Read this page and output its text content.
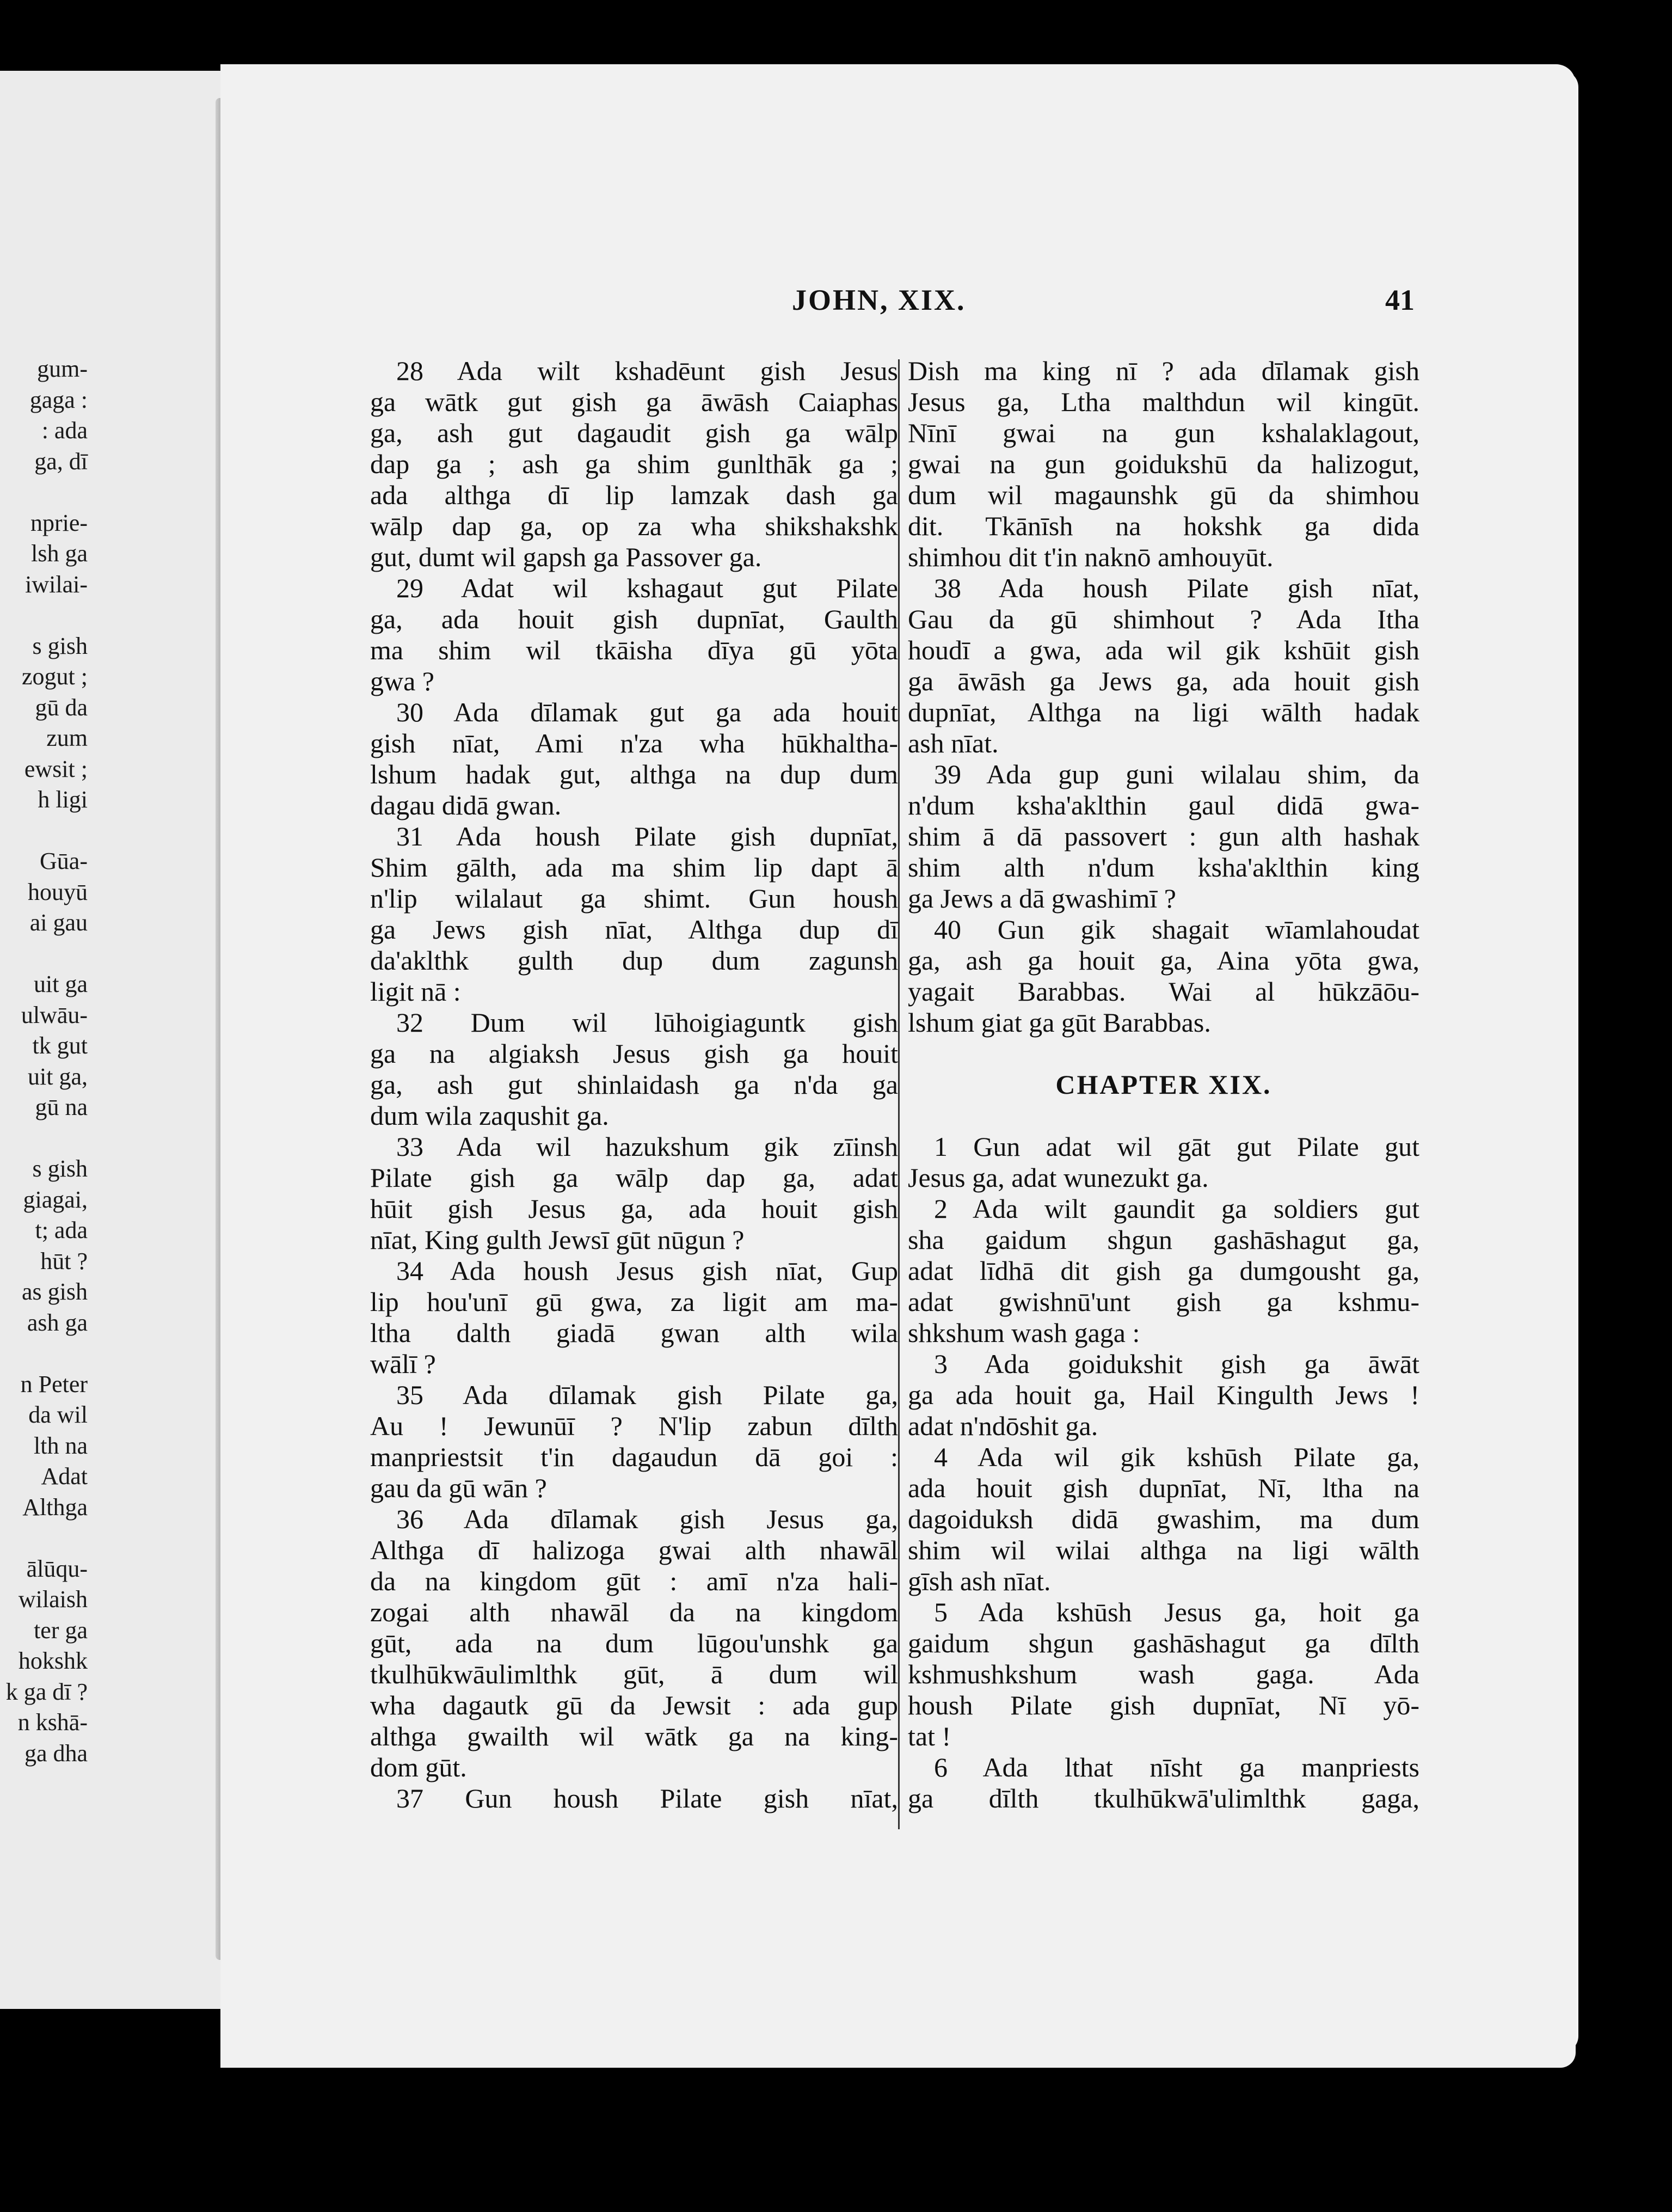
gum-
gaga :
: ada
ga, dī

nprie-
lsh ga
iwilai-

s gish
zogut ;
gū da
zum
ewsit ;
h ligi

Gūa-
houyū
ai gau

uit ga
ulwāu-
tk gut
uit ga,
gū na

s gish
giagai,
t; ada
hūt ?
as gish
ash ga

n Peter
da wil
lth na
Adat
Althga

ālūqu-
wilaish
ter ga
hokshk
k ga dī ?
n kshā-
ga dha
JOHN, XIX.	41
28 Ada wilt kshadēunt gish Jesus
ga wātk gut gish ga āwāsh Caiaphas
ga, ash gut dagaudit gish ga wālp
dap ga ; ash ga shim gunlthāk ga ;
ada althga dī lip lamzak dash ga
wālp dap ga, op za wha shikshakshk
gut, dumt wil gapsh ga Passover ga.
29 Adat wil kshagaut gut Pilate
ga, ada houit gish dupnīat, Gaulth
ma shim wil tkāisha dīya gū yōta
gwa ?
30 Ada dīlamak gut ga ada houit
gish nīat, Ami n'za wha hūkhaltha-
lshum hadak gut, althga na dup dum
dagau didā gwan.
31 Ada housh Pilate gish dupnīat,
Shim gālth, ada ma shim lip dapt ā
n'lip wilalaut ga shimt. Gun housh
ga Jews gish nīat, Althga dup dī
da'aklthk gulth dup dum zagunsh
ligit nā :
32 Dum wil lūhoigiaguntk gish
ga na algiaksh Jesus gish ga houit
ga, ash gut shinlaidash ga n'da ga
dum wila zaqushit ga.
33 Ada wil hazukshum gik zīinsh
Pilate gish ga wālp dap ga, adat
hūit gish Jesus ga, ada houit gish
nīat, King gulth Jewsī gūt nūgun ?
34 Ada housh Jesus gish nīat, Gup
lip hou'unī gū gwa, za ligit am ma-
ltha dalth giadā gwan alth wila
wālī ?
35 Ada dīlamak gish Pilate ga,
Au ! Jewunūī ? N'lip zabun dīlth
manpriestsit t'in dagaudun dā goi :
gau da gū wān ?
36 Ada dīlamak gish Jesus ga,
Althga dī halizoga gwai alth nhawāl
da na kingdom gūt : amī n'za hali-
zogai alth nhawāl da na kingdom
gūt, ada na dum lūgou'unshk ga
tkulhūkwāulimlthk gūt, ā dum wil
wha dagautk gū da Jewsit : ada gup
althga gwailth wil wātk ga na king-
dom gūt.
37 Gun housh Pilate gish nīat,
Dish ma king nī ? ada dīlamak gish
Jesus ga, Ltha malthdun wil kingūt.
Nīnī gwai na gun kshalaklagout,
gwai na gun goidukshū da halizogut,
dum wil magaunshk gū da shimhou
dit. Tkānīsh na hokshk ga dida
shimhou dit t'in naknō amhouyūt.
38 Ada housh Pilate gish nīat,
Gau da gū shimhout ? Ada Itha
houdī a gwa, ada wil gik kshūit gish
ga āwāsh ga Jews ga, ada houit gish
dupnīat, Althga na ligi wālth hadak
ash nīat.
39 Ada gup guni wilalau shim, da
n'dum ksha'aklthin gaul didā gwa-
shim ā dā passovert : gun alth hashak
shim alth n'dum ksha'aklthin king
ga Jews a dā gwashimī ?
40 Gun gik shagait wīamlahoudat
ga, ash ga houit ga, Aina yōta gwa,
yagait Barabbas. Wai al hūkzāōu-
lshum giat ga gūt Barabbas.
CHAPTER XIX.
1 Gun adat wil gāt gut Pilate gut
Jesus ga, adat wunezukt ga.
2 Ada wilt gaundit ga soldiers gut
sha gaidum shgun gashāshagut ga,
adat līdhā dit gish ga dumgousht ga,
adat gwishnū'unt gish ga kshmu-
shkshum wash gaga :
3 Ada goidukshit gish ga āwāt
ga ada houit ga, Hail Kingulth Jews !
adat n'ndōshit ga.
4 Ada wil gik kshūsh Pilate ga,
ada houit gish dupnīat, Nī, ltha na
dagoiduksh didā gwashim, ma dum
shim wil wilai althga na ligi wālth
gīsh ash nīat.
5 Ada kshūsh Jesus ga, hoit ga
gaidum shgun gashāshagut ga dīlth
kshmushkshum wash gaga. Ada
housh Pilate gish dupnīat, Nī yō-
tat !
6 Ada lthat nīsht ga manpriests
ga dīlth tkulhūkwā'ulimlthk gaga,
